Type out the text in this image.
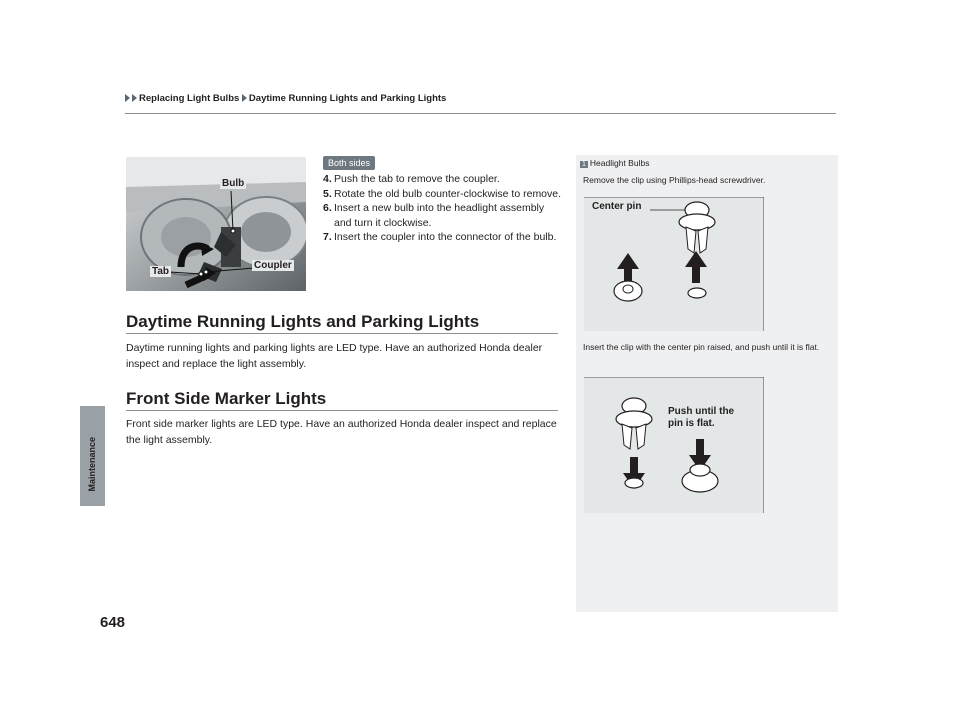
Replacing Light Bulbs Daytime Running Lights and Parking Lights
Maintenance
Bulb
Tab
Coupler
Both sides
4. Push the tab to remove the coupler.
5. Rotate the old bulb counter-clockwise to remove.
6. Insert a new bulb into the headlight assembly and turn it clockwise.
7. Insert the coupler into the connector of the bulb.
Daytime Running Lights and Parking Lights
Daytime running lights and parking lights are LED type. Have an authorized Honda dealer inspect and replace the light assembly.
Front Side Marker Lights
Front side marker lights are LED type. Have an authorized Honda dealer inspect and replace the light assembly.
1 Headlight Bulbs
Remove the clip using Phillips-head screwdriver.
Center pin
Insert the clip with the center pin raised, and push until it is flat.
Push until the pin is flat.
648
